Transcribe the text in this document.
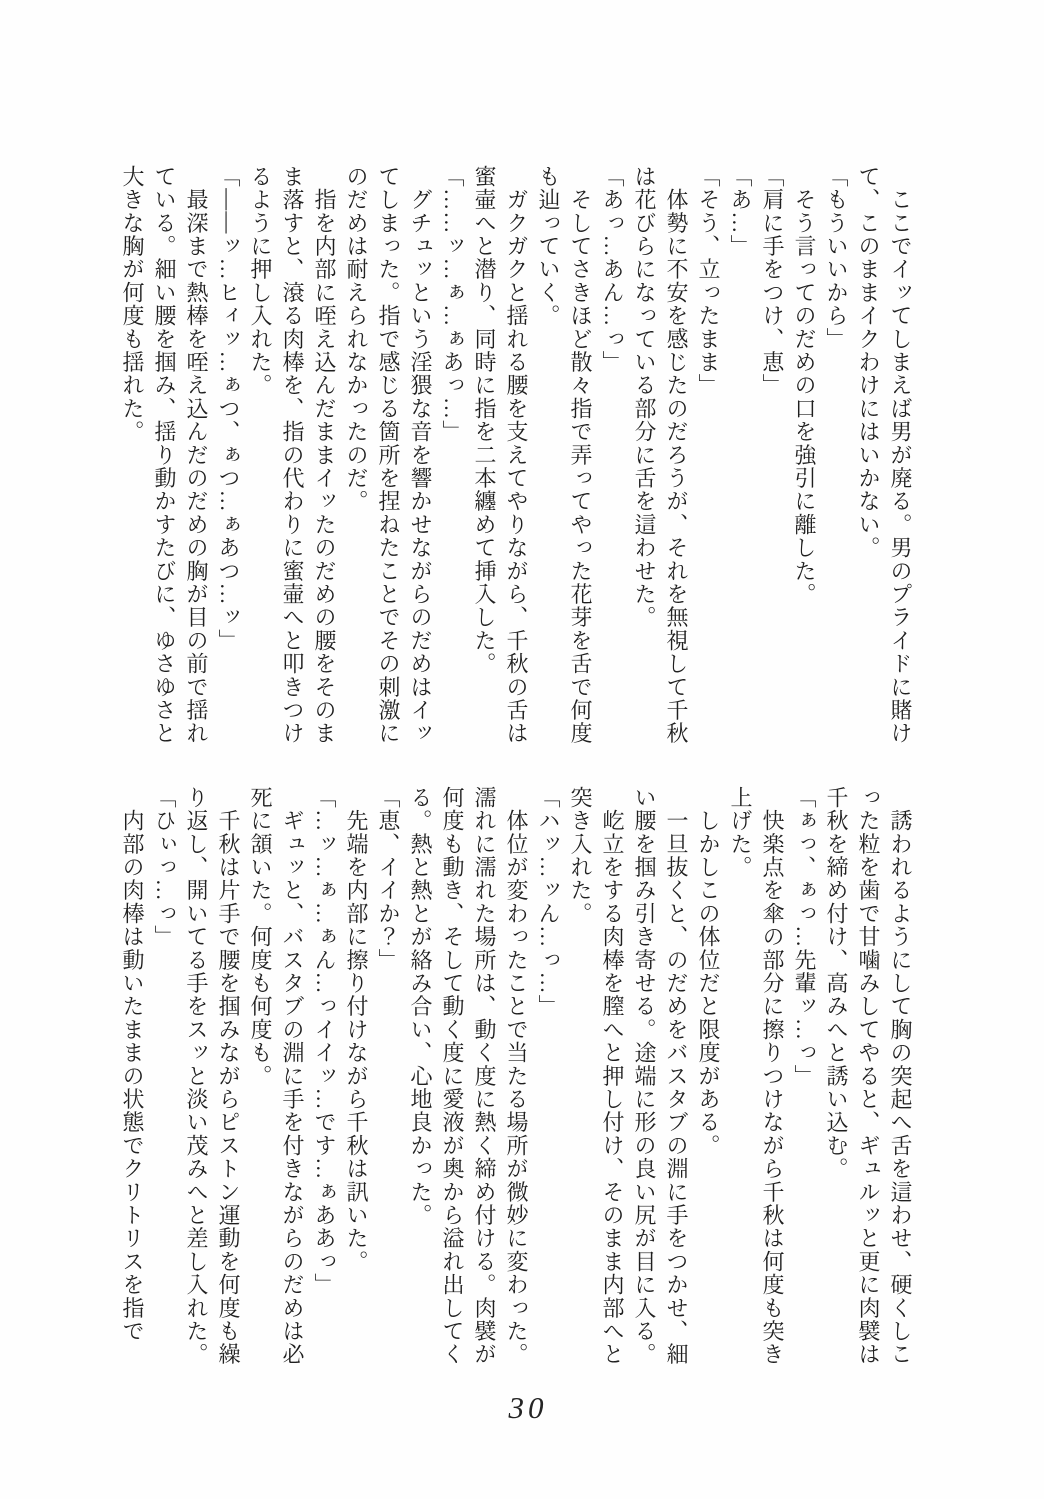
　ここでイッてしまえば男が廃る。男のプライドに賭けて、このままイクわけにはいかない。

「もういいから」

　そう言ってのだめの口を強引に離した。

「肩に手をつけ、恵」

「あ…」

「そう、立ったまま」

　体勢に不安を感じたのだろうが、それを無視して千秋は花びらになっている部分に舌を這わせた。

「あっ…あん…っ」

　そしてさきほど散々指で弄ってやった花芽を舌で何度も辿っていく。

　ガクガクと揺れる腰を支えてやりながら、千秋の舌は蜜壷へと潜り、同時に指を二本纏めて挿入した。

「……ッ…ぁ…ぁあっ…」

　グチュッという淫猥な音を響かせながらのだめはイッてしまった。指で感じる箇所を捏ねたことでその刺激にのだめは耐えられなかったのだ。

　指を内部に咥え込んだままイッたのだめの腰をそのまま落すと、滾る肉棒を、指の代わりに蜜壷へと叩きつけるように押し入れた。

「――ッ…ヒィッ…ぁつ、ぁつ…ぁあつ…ッ」

　最深まで熱棒を咥え込んだのだめの胸が目の前で揺れている。細い腰を掴み、揺り動かすたびに、ゆさゆさと大きな胸が何度も揺れた。

　誘われるようにして胸の突起へ舌を這わせ、硬くしこった粒を歯で甘噛みしてやると、ギュルッと更に肉襞は千秋を締め付け、高みへと誘い込む。

「ぁっ、ぁっ…先輩ッ…っ」

　快楽点を傘の部分に擦りつけながら千秋は何度も突き上げた。

　しかしこの体位だと限度がある。

　一旦抜くと、のだめをバスタブの淵に手をつかせ、細い腰を掴み引き寄せる。途端に形の良い尻が目に入る。

　屹立をする肉棒を膣へと押し付け、そのまま内部へと突き入れた。

「ハッ…ッん…っ…」

　体位が変わったことで当たる場所が微妙に変わった。濡れに濡れた場所は、動く度に熱く締め付ける。肉襞が何度も動き、そして動く度に愛液が奥から溢れ出してくる。熱と熱とが絡み合い、心地良かった。

「恵、イイか？」

　先端を内部に擦り付けながら千秋は訊いた。

「…ッ…ぁ…ぁん…っイイッ…です…ぁああっ」

　ギュッと、バスタブの淵に手を付きながらのだめは必死に頷いた。何度も何度も。

　千秋は片手で腰を掴みながらピストン運動を何度も繰り返し、開いてる手をスッと淡い茂みへと差し入れた。

「ひぃっ…っ」

　内部の肉棒は動いたままの状態でクリトリスを指で

30
